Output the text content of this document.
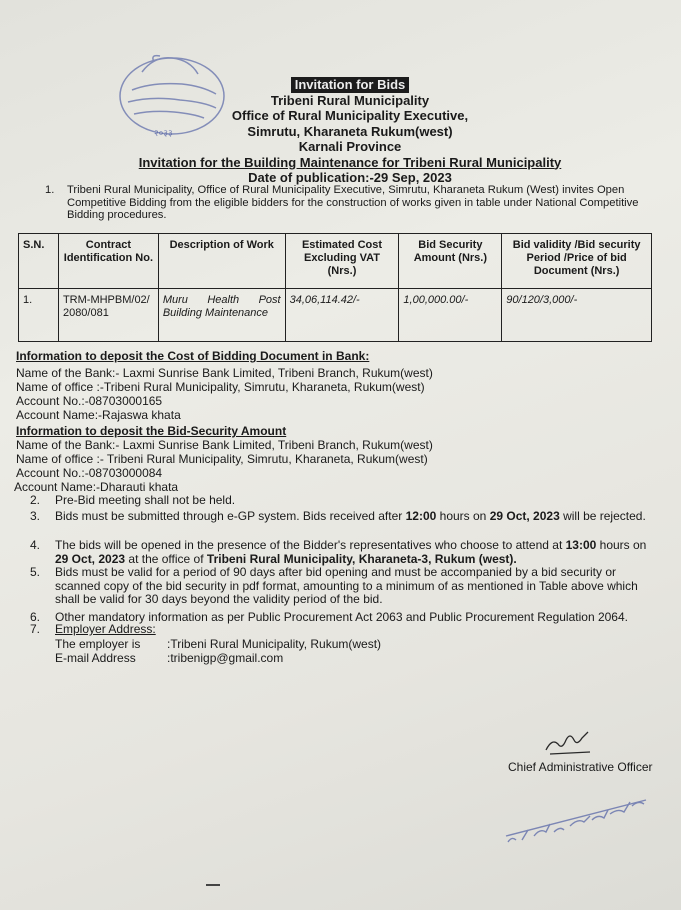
२०३३
Invitation for Bids
Tribeni Rural Municipality
Office of Rural Municipality Executive,
Simrutu, Kharaneta Rukum(west)
Karnali Province
Invitation for the Building Maintenance for Tribeni Rural Municipality
Date of publication:-29 Sep, 2023
1. Tribeni Rural Municipality, Office of Rural Municipality Executive, Simrutu, Kharaneta Rukum (West) invites Open Competitive Bidding from the eligible bidders for the construction of works given in table under National Competitive Bidding procedures.
S.N.	Contract Identification No.	Description of Work	Estimated Cost Excluding VAT (Nrs.)	Bid Security Amount (Nrs.)	Bid validity /Bid security Period /Price of bid Document (Nrs.)
1.	TRM-MHPBM/02/2080/081	Muru Health Post Building Maintenance	34,06,114.42/-	1,00,000.00/-	90/120/3,000/-
Information to deposit the Cost of Bidding Document in Bank:
Name of the Bank:- Laxmi Sunrise Bank Limited, Tribeni Branch, Rukum(west)
Name of office :-Tribeni Rural Municipality, Simrutu, Kharaneta, Rukum(west)
Account No.:-08703000165
Account Name:-Rajaswa khata
Information to deposit the Bid-Security Amount
Name of the Bank:- Laxmi Sunrise Bank Limited, Tribeni Branch, Rukum(west)
Name of office :- Tribeni Rural Municipality, Simrutu, Kharaneta, Rukum(west)
Account No.:-08703000084
Account Name:-Dharauti khata
2. Pre-Bid meeting shall not be held.
3. Bids must be submitted through e-GP system. Bids received after 12:00 hours on 29 Oct, 2023 will be rejected.
4. The bids will be opened in the presence of the Bidder's representatives who choose to attend at 13:00 hours on 29 Oct, 2023 at the office of Tribeni Rural Municipality, Kharaneta-3, Rukum (west).
5. Bids must be valid for a period of 90 days after bid opening and must be accompanied by a bid security or scanned copy of the bid security in pdf format, amounting to a minimum of as mentioned in Table above which shall be valid for 30 days beyond the validity period of the bid.
6. Other mandatory information as per Public Procurement Act 2063 and Public Procurement Regulation 2064.
7. Employer Address:
The employer is :Tribeni Rural Municipality, Rukum(west)
E-mail Address	:tribenigp@gmail.com
Chief Administrative Officer
